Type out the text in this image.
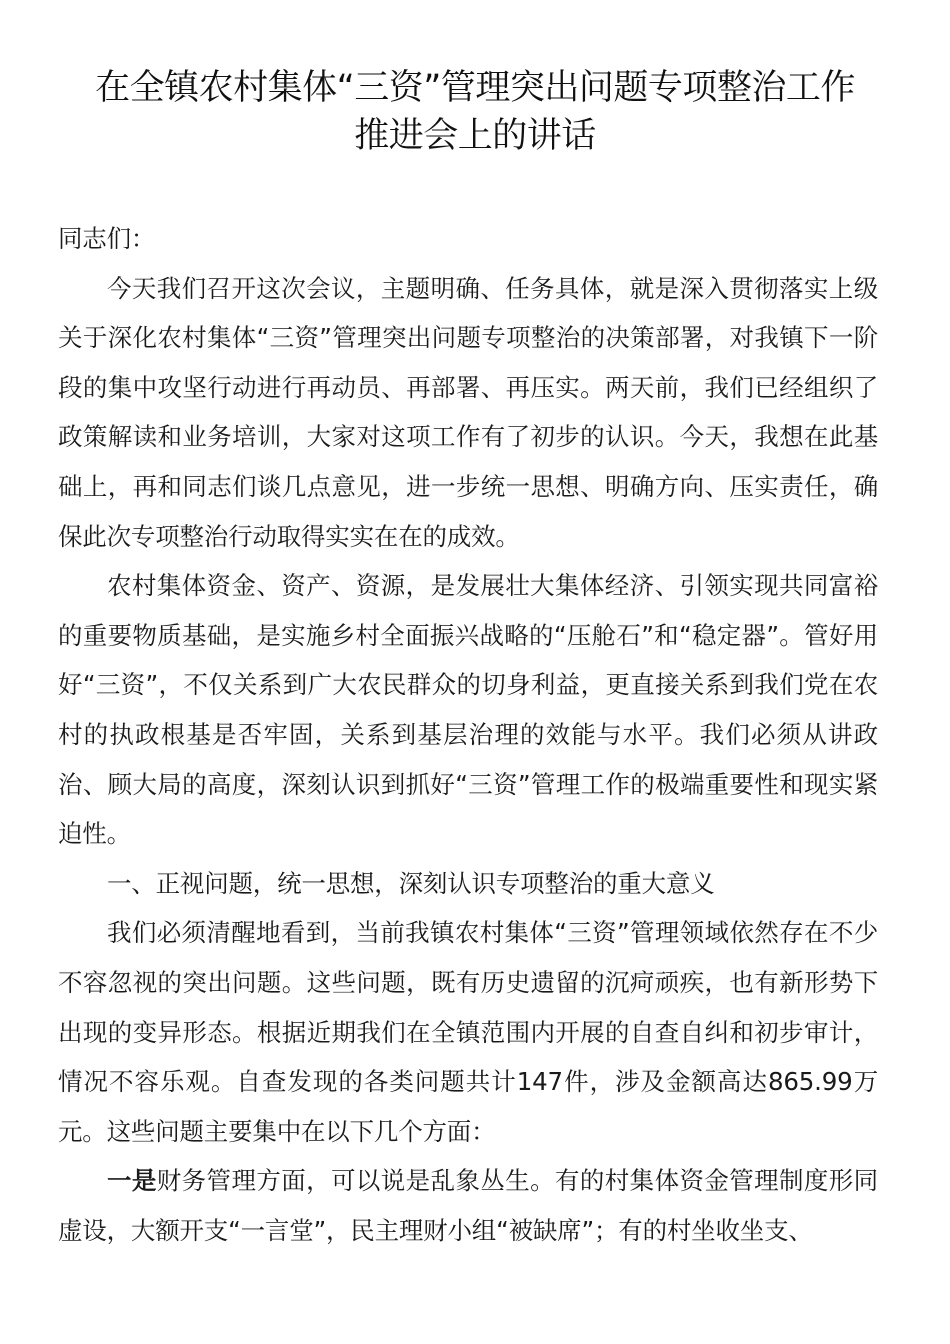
在全镇农村集体“三资”管理突出问题专项整治工作
推进会上的讲话

同志们：

今天我们召开这次会议，主题明确、任务具体，就是深入贯彻落实上级关于深化农村集体“三资”管理突出问题专项整治的决策部署，对我镇下一阶段的集中攻坚行动进行再动员、再部署、再压实。两天前，我们已经组织了政策解读和业务培训，大家对这项工作有了初步的认识。今天，我想在此基础上，再和同志们谈几点意见，进一步统一思想、明确方向、压实责任，确保此次专项整治行动取得实实在在的成效。

农村集体资金、资产、资源，是发展壮大集体经济、引领实现共同富裕的重要物质基础，是实施乡村全面振兴战略的“压舱石”和“稳定器”。管好用好“三资”，不仅关系到广大农民群众的切身利益，更直接关系到我们党在农村的执政根基是否牢固，关系到基层治理的效能与水平。我们必须从讲政治、顾大局的高度，深刻认识到抓好“三资”管理工作的极端重要性和现实紧迫性。

一、正视问题，统一思想，深刻认识专项整治的重大意义

我们必须清醒地看到，当前我镇农村集体“三资”管理领域依然存在不少不容忽视的突出问题。这些问题，既有历史遗留的沉疴顽疾，也有新形势下出现的变异形态。根据近期我们在全镇范围内开展的自查自纠和初步审计，情况不容乐观。自查发现的各类问题共计147件，涉及金额高达865.99万元。这些问题主要集中在以下几个方面：

一是财务管理方面，可以说是乱象丛生。有的村集体资金管理制度形同虚设，大额开支“一言堂”，民主理财小组“被缺席”；有的村坐收坐支、
